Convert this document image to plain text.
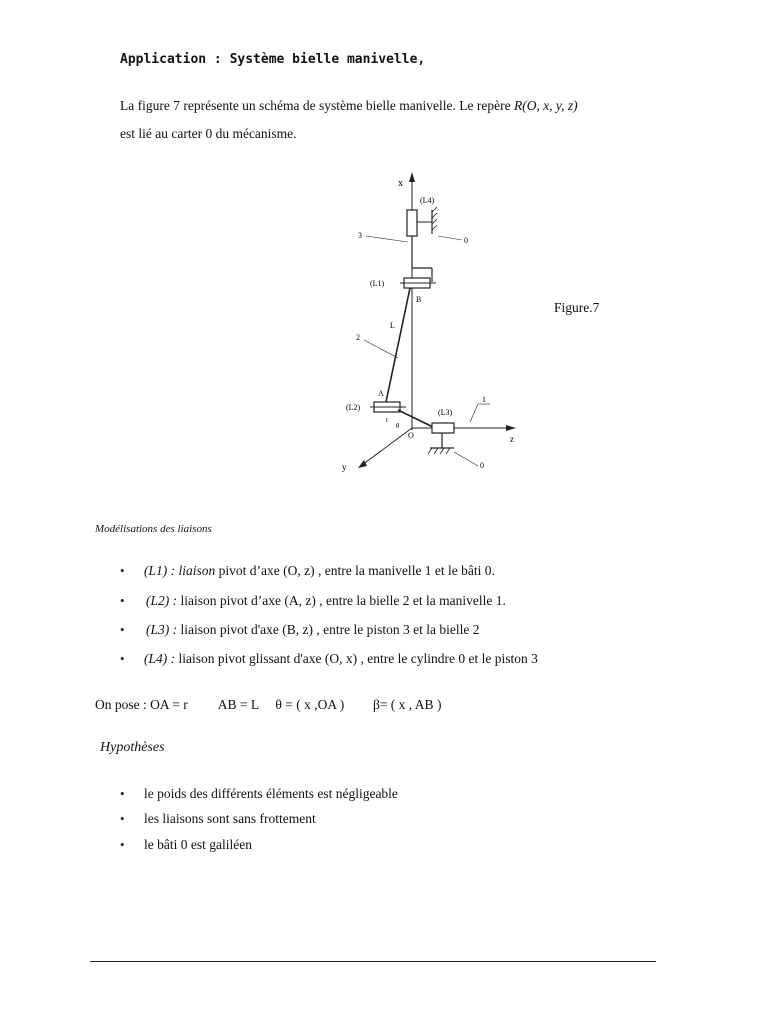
Application : Système bielle manivelle,
La figure 7 représente un schéma de système bielle manivelle. Le repère R(O, x, y, z)
est lié au carter 0 du mécanisme.
x
z
y
(L4)
0
3
(L1)
B
L
2
(L2)
A
r
θ
O
(L3)
0
1
Figure.7
Modélisations des liaisons
• (L1) : liaison pivot d’axe (O, z) , entre la manivelle 1 et le bâti 0.
• (L2) : liaison pivot d’axe (A, z) , entre la bielle 2 et la manivelle 1.
• (L3) : liaison pivot d'axe (B, z) , entre le piston 3 et la bielle 2
• (L4) : liaison pivot glissant d'axe (O, x) , entre le cylindre 0 et le piston 3
On pose : OA = r AB = L θ = ( x ,OA ) β= ( x , AB )
Hypothèses
• le poids des différents éléments est négligeable
• les liaisons sont sans frottement
• le bâti 0 est galiléen
